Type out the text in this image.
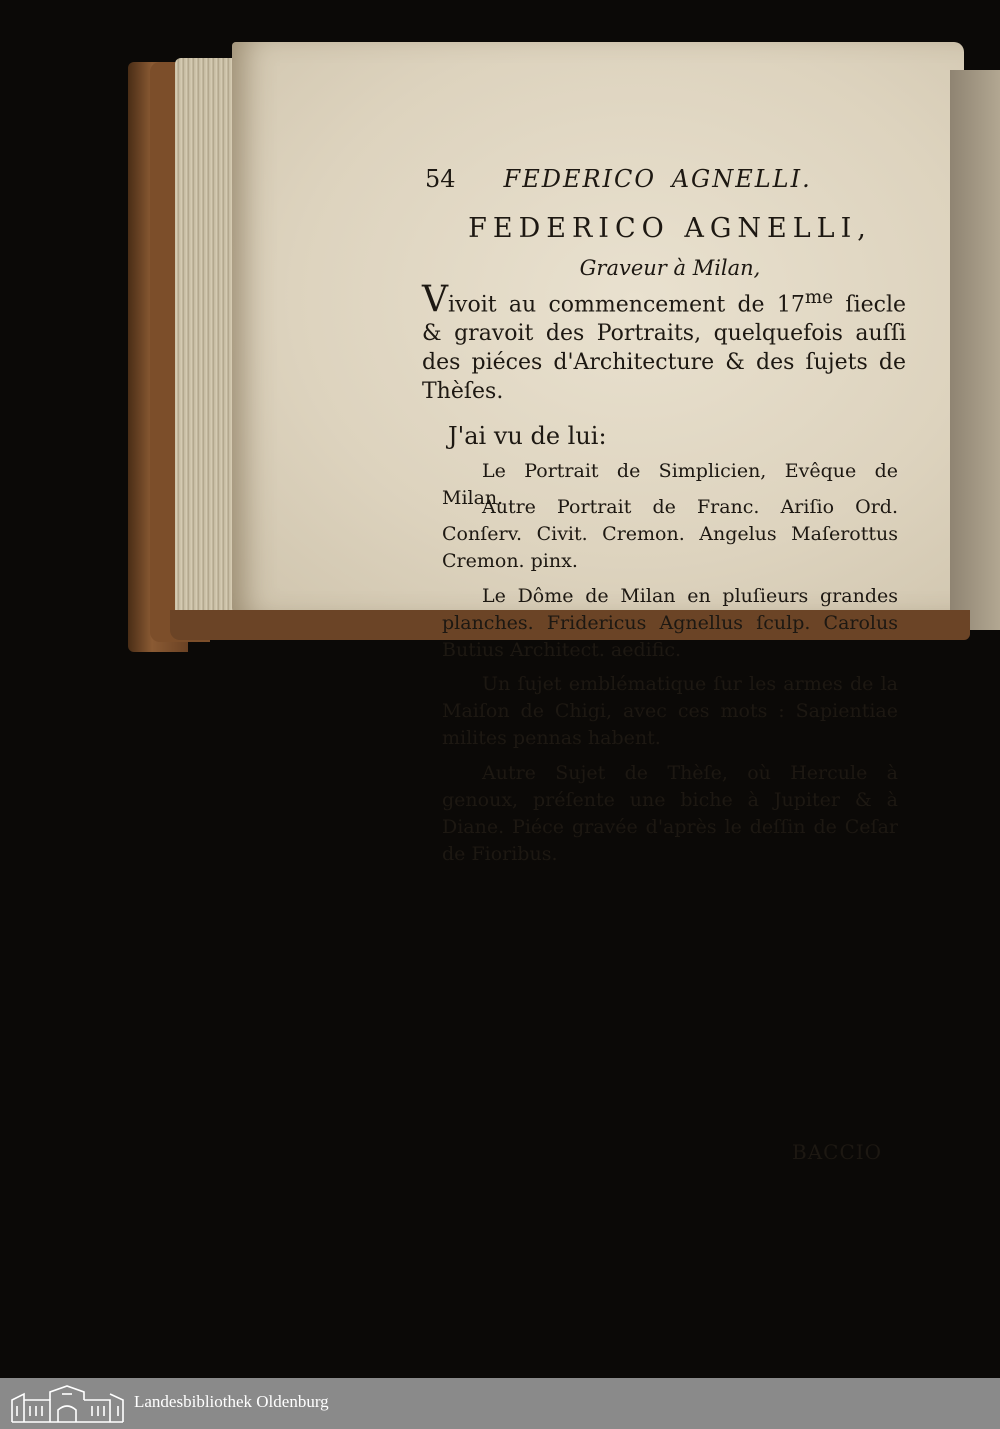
54 FEDERICO AGNELLI.
FEDERICO AGNELLI,
Graveur à Milan,
Vivoit au commencement de $17^{me}$ ſiecle & gravoit des Portraits, quelquefois auſſi des piéces d'Architecture & des ſujets de Thèſes.
J'ai vu de lui:
Le Portrait de Simplicien, Evêque de Milan.
Autre Portrait de Franc. Ariſio Ord. Conſerv. Civit. Cremon. Angelus Maſerottus Cremon. pinx.
Le Dôme de Milan en pluſieurs grandes planches. Fridericus Agnellus ſculp. Carolus Butius Architect. aedific.
Un ſujet emblématique ſur les armes de la Maiſon de Chigi, avec ces mots : Sapientiae milites pennas habent.
Autre Sujet de Thèſe, où Hercule à genoux, préſente une biche à Jupiter & à Diane. Piéce gravée d'après le deſſin de Ceſar de Fioribus.
BACCIO
Landesbibliothek Oldenburg
